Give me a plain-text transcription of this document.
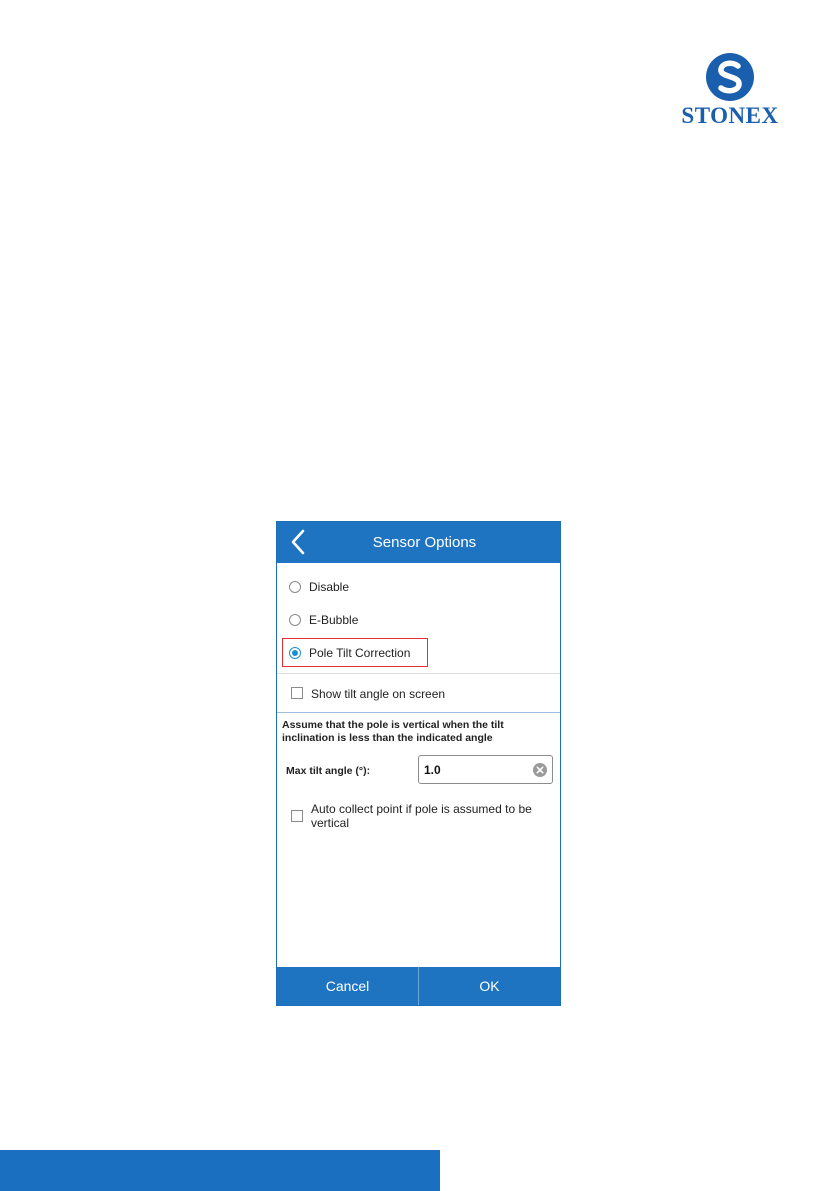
STONEX
Sensor Options
Disable
E-Bubble
Pole Tilt Correction
Show tilt angle on screen
Assume that the pole is vertical when the tilt inclination is less than the indicated angle
Max tilt angle (°):	1.0
Auto collect point if pole is assumed to be vertical
Cancel	OK
